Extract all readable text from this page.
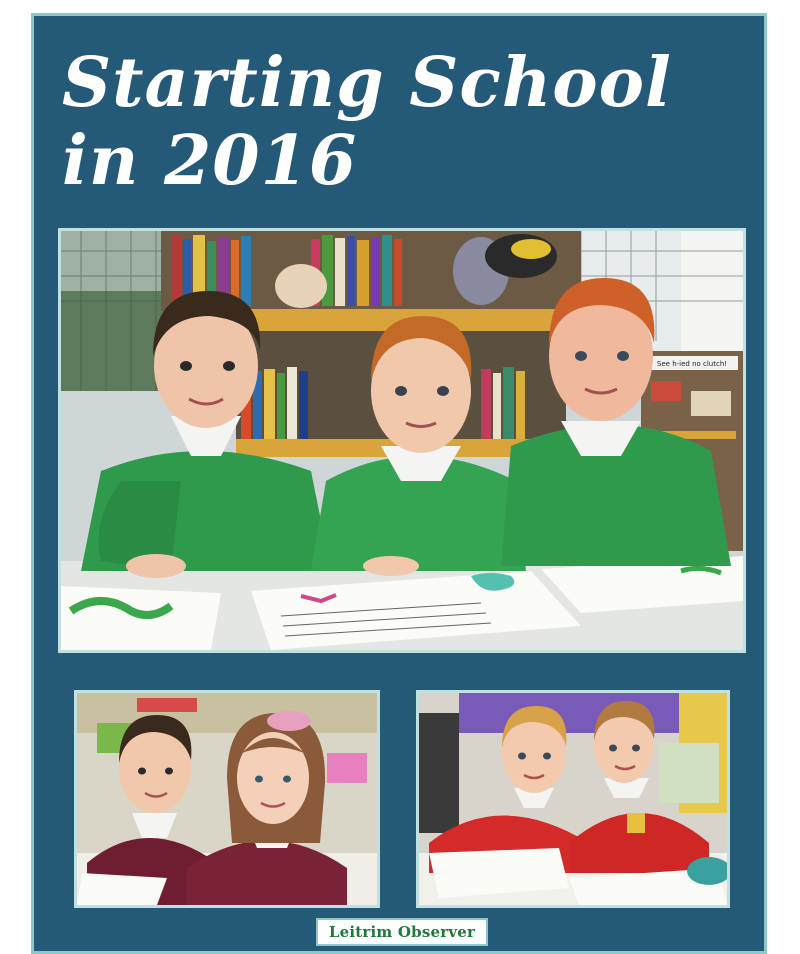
Starting School
in 2016
See h-ied no clutch!
Leitrim Observer
